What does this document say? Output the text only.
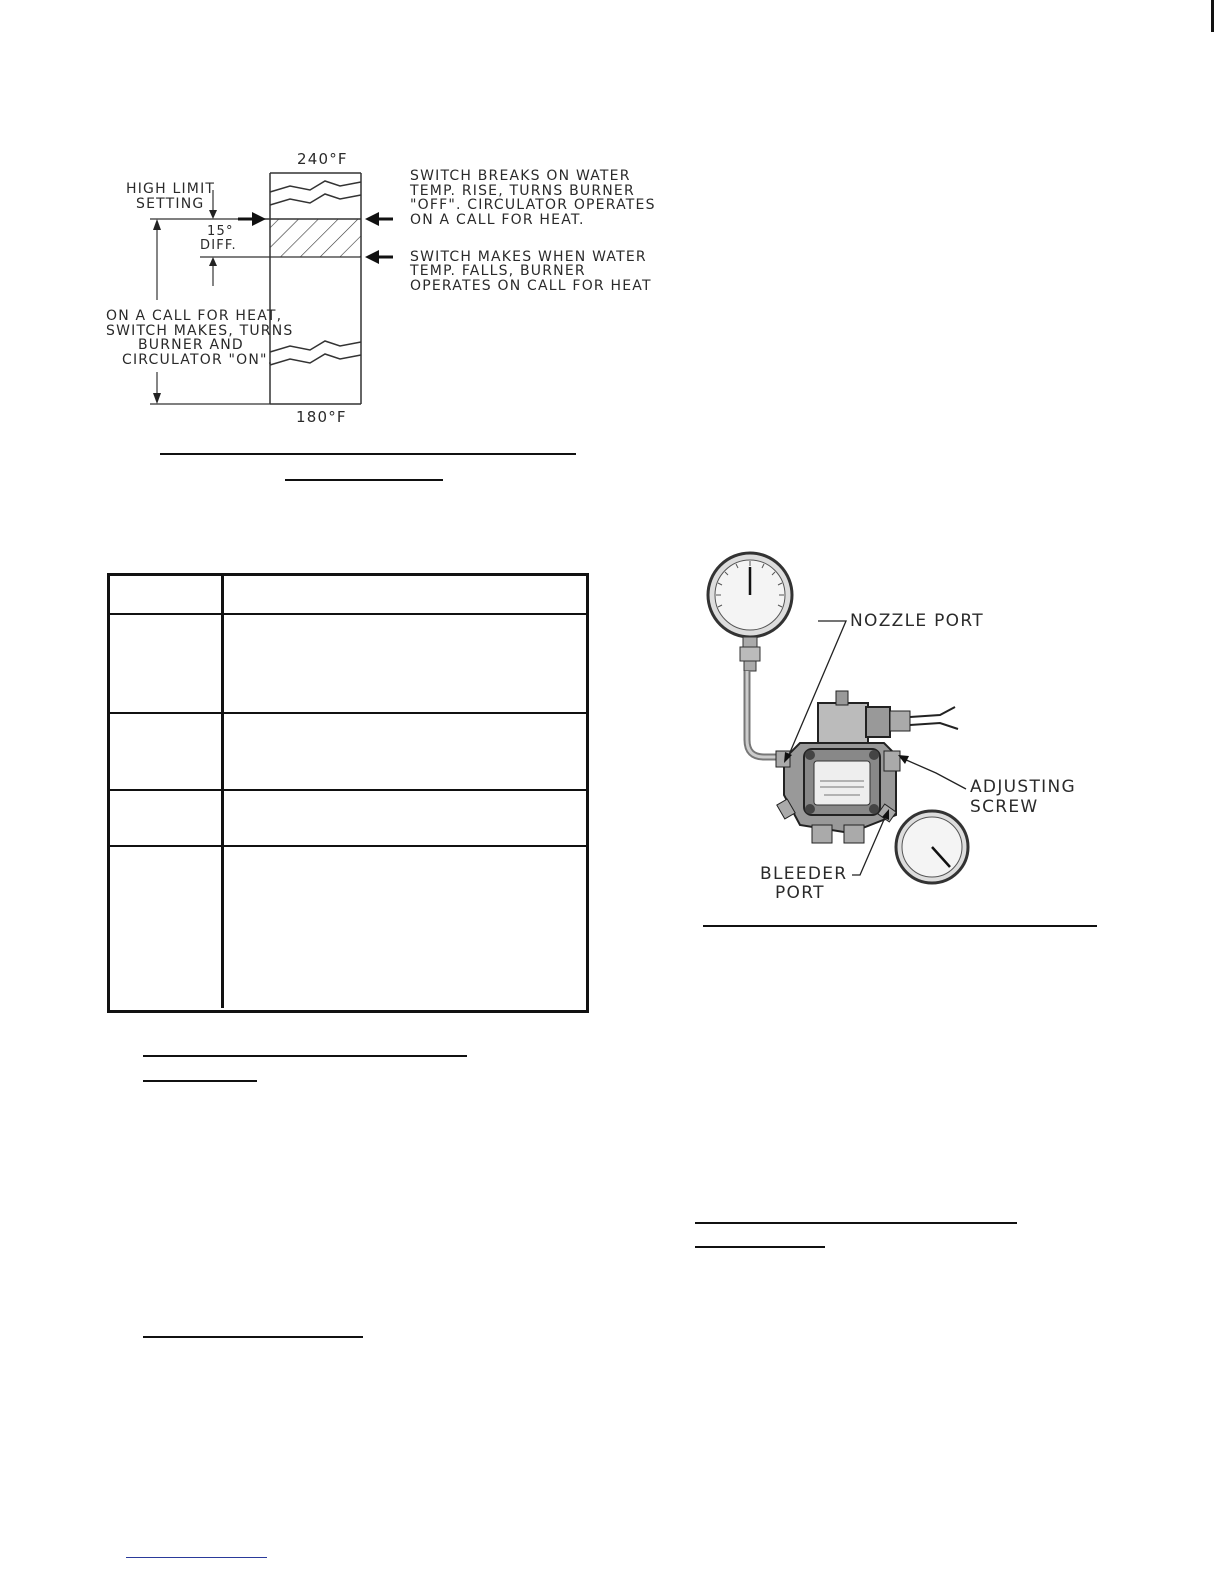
240°F
180°F
HIGH LIMIT
SETTING
15°
DIFF.
ON A CALL FOR HEAT,
SWITCH MAKES, TURNS
BURNER AND
CIRCULATOR "ON".
SWITCH BREAKS ON WATER
TEMP. RISE, TURNS BURNER
"OFF". CIRCULATOR OPERATES
ON A CALL FOR HEAT.
SWITCH MAKES WHEN WATER
TEMP. FALLS, BURNER
OPERATES ON CALL FOR HEAT
NOZZLE PORT
ADJUSTING
SCREW
BLEEDER
PORT
